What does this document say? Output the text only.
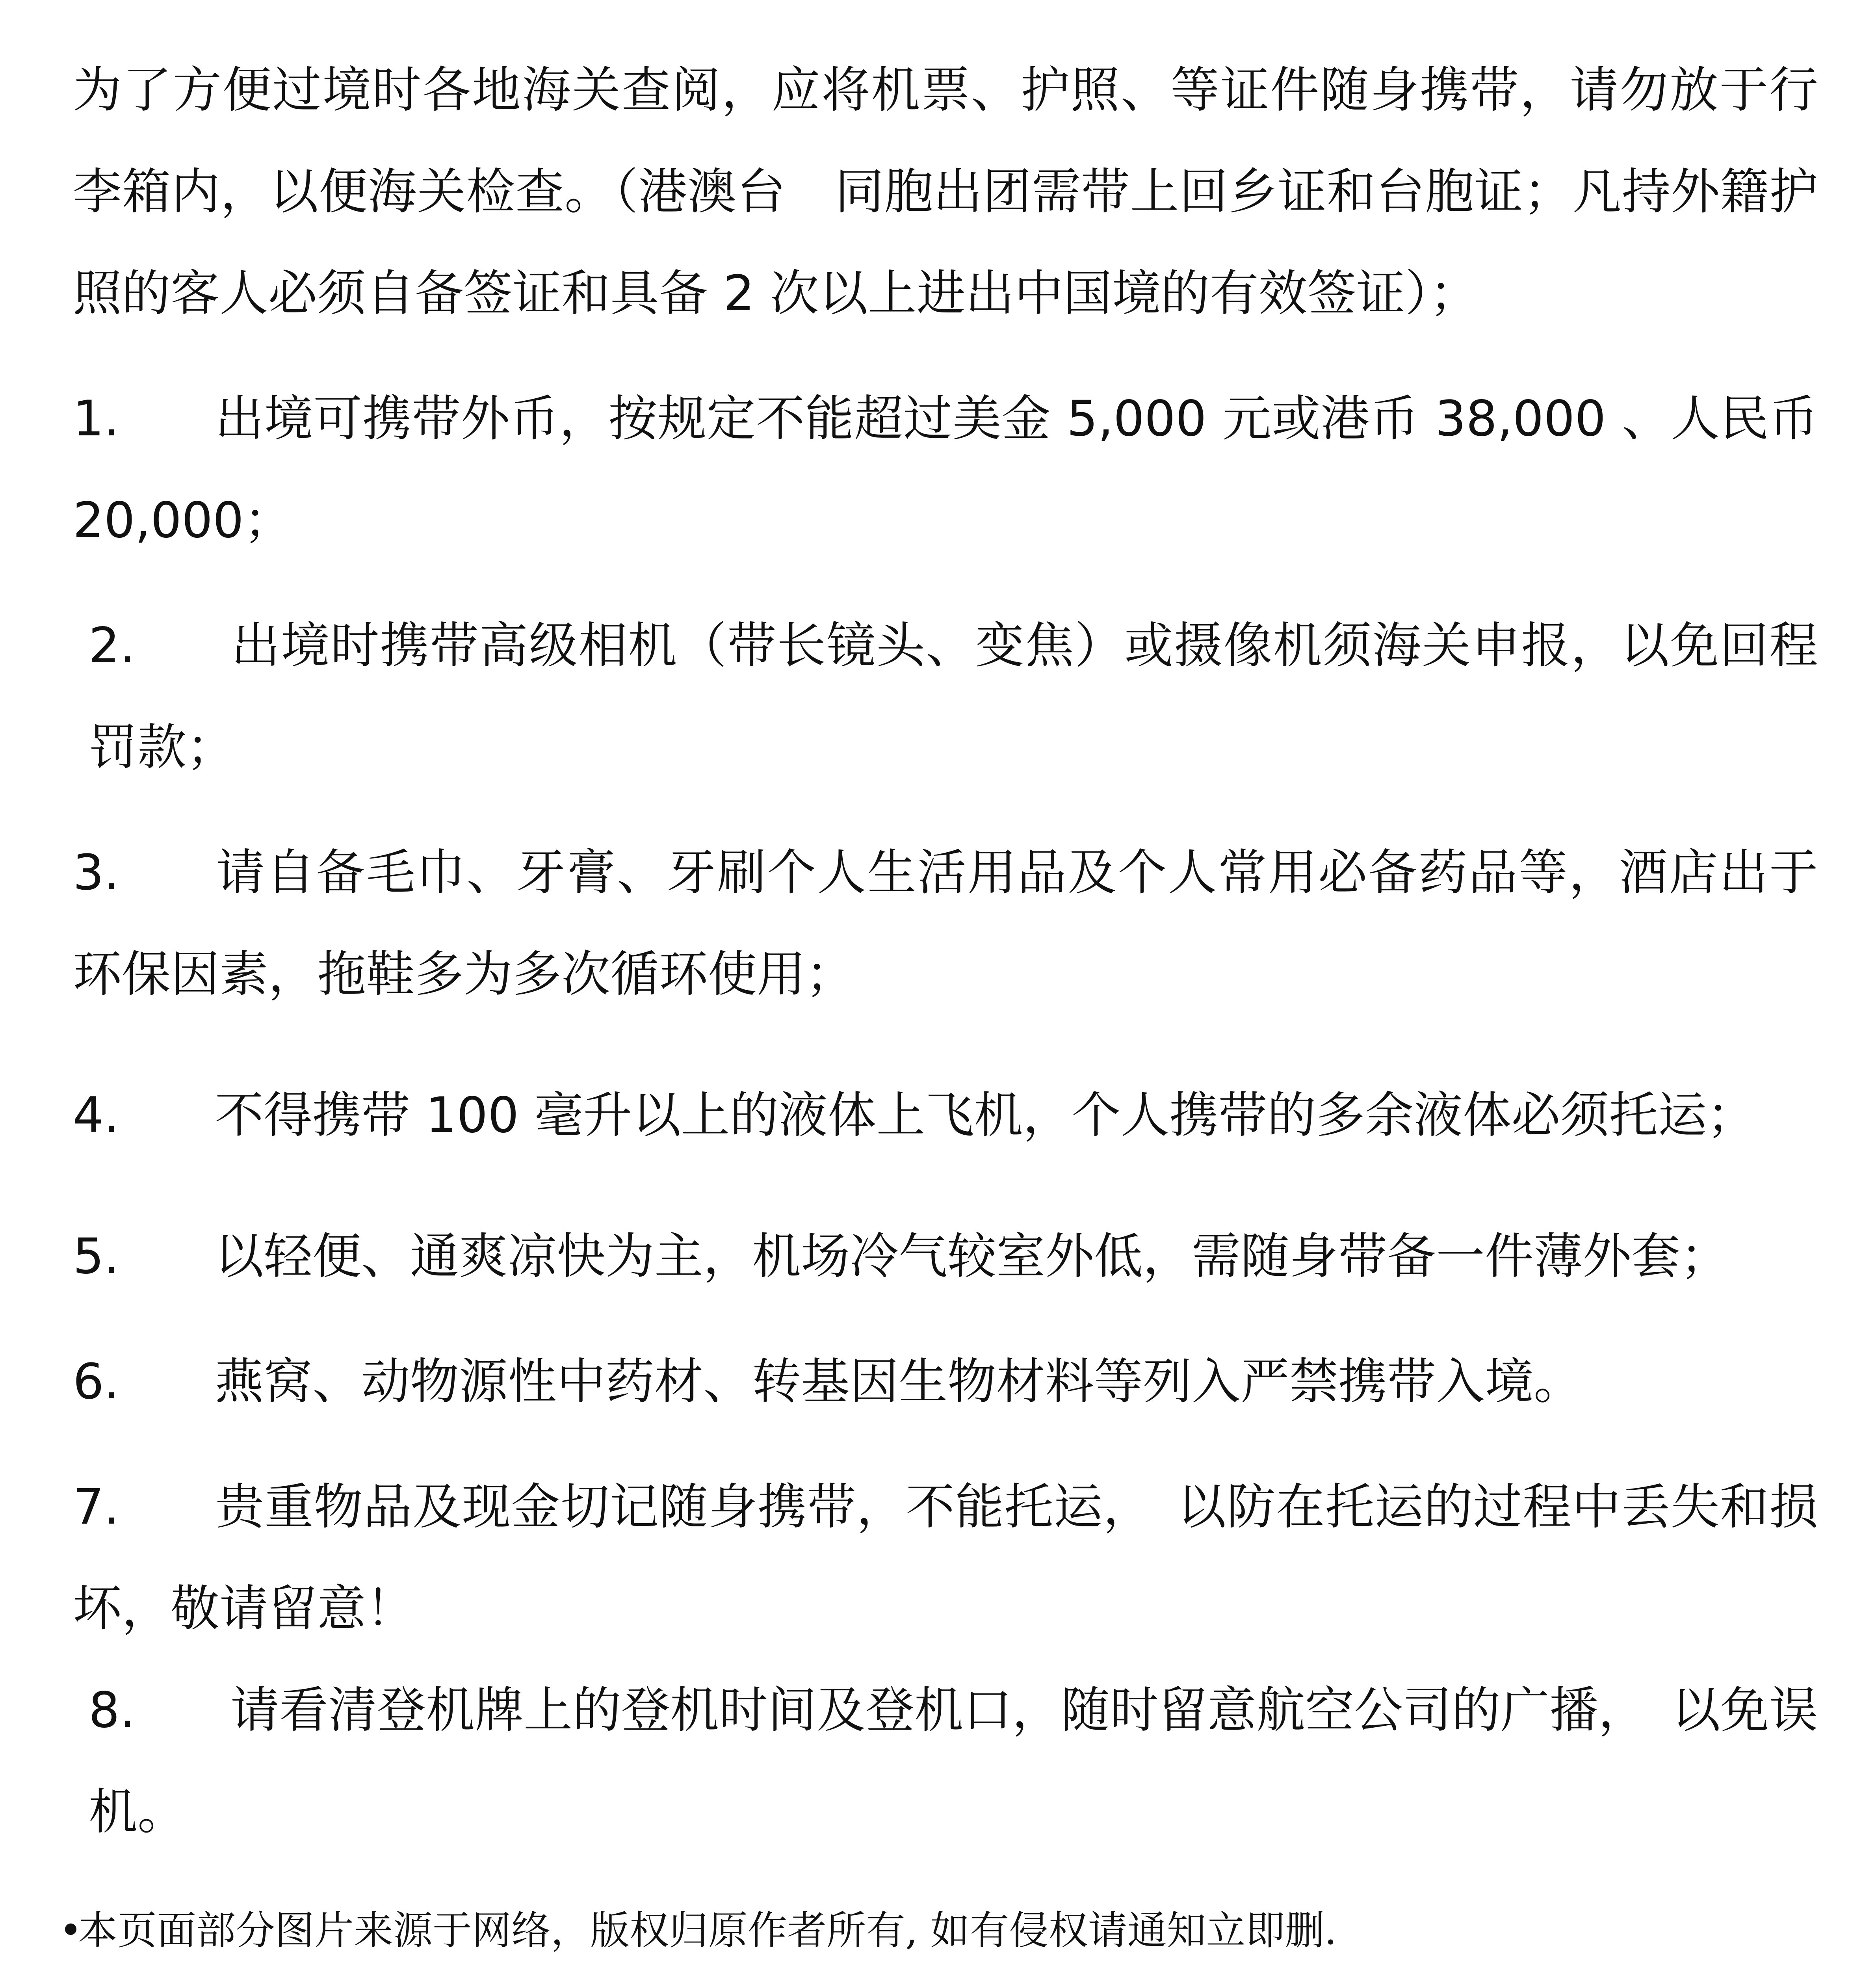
为了方便过境时各地海关查阅，应将机票、护照、等证件随身携带，请勿放于行李箱内，以便海关检查。（港澳台　同胞出团需带上回乡证和台胞证；凡持外籍护照的客人必须自备签证和具备 2 次以上进出中国境的有效签证）；

1. 出境可携带外币，按规定不能超过美金 5,000 元或港币 38,000 、人民币 20,000；
2. 出境时携带高级相机（带长镜头、变焦）或摄像机须海关申报，以免回程罚款；
3. 请自备毛巾、牙膏、牙刷个人生活用品及个人常用必备药品等，酒店出于环保因素，拖鞋多为多次循环使用；
4. 不得携带 100 毫升以上的液体上飞机，个人携带的多余液体必须托运；
5. 以轻便、通爽凉快为主，机场冷气较室外低，需随身带备一件薄外套；
6. 燕窝、动物源性中药材、转基因生物材料等列入严禁携带入境。
7. 贵重物品及现金切记随身携带，不能托运，　以防在托运的过程中丢失和损坏，敬请留意！
8. 请看清登机牌上的登机时间及登机口，随时留意航空公司的广播，　以免误机。
•本页面部分图片来源于网络，版权归原作者所有, 如有侵权请通知立即删.
